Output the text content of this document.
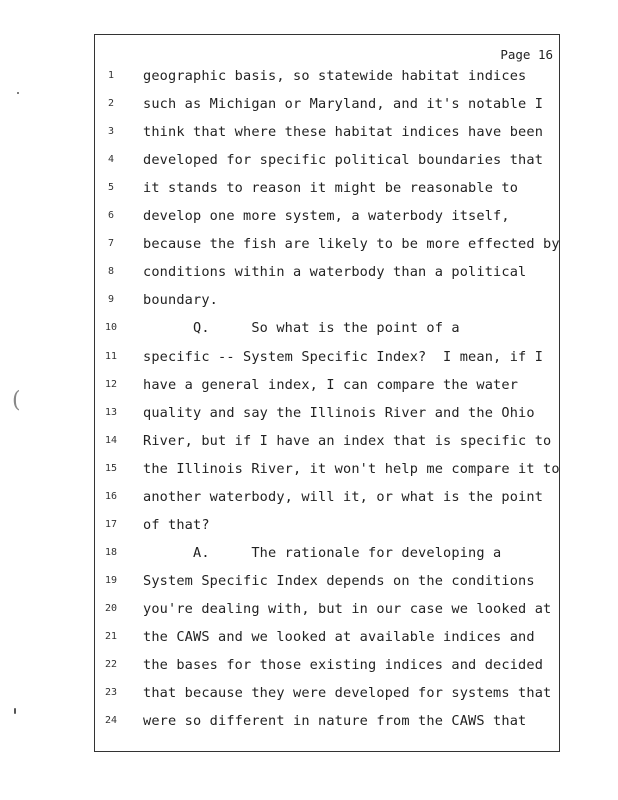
Page 16
1	geographic basis, so statewide habitat indices
2	such as Michigan or Maryland, and it's notable I
3	think that where these habitat indices have been
4	developed for specific political boundaries that
5	it stands to reason it might be reasonable to
6	develop one more system, a waterbody itself,
7	because the fish are likely to be more effected by
8	conditions within a waterbody than a political
9	boundary.
10	Q.     So what is the point of a
11	specific -- System Specific Index?  I mean, if I
12	have a general index, I can compare the water
13	quality and say the Illinois River and the Ohio
14	River, but if I have an index that is specific to
15	the Illinois River, it won't help me compare it to
16	another waterbody, will it, or what is the point
17	of that?
18	A.     The rationale for developing a
19	System Specific Index depends on the conditions
20	you're dealing with, but in our case we looked at
21	the CAWS and we looked at available indices and
22	the bases for those existing indices and decided
23	that because they were developed for systems that
24	were so different in nature from the CAWS that
(
